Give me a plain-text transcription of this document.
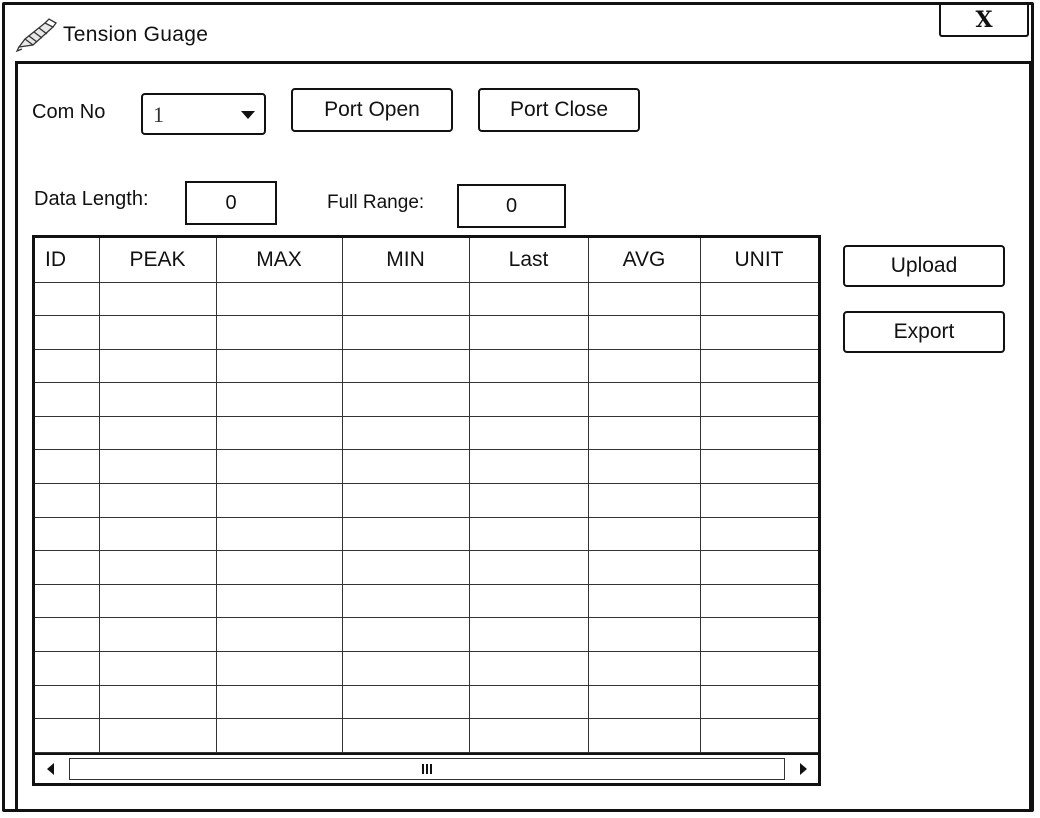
Tension Guage
X
Com No 1	Port Open	Port Close
Data Length:	0	Full Range:	0
ID	PEAK	MAX	MIN	Last	AVG	UNIT

							Upload
Export
